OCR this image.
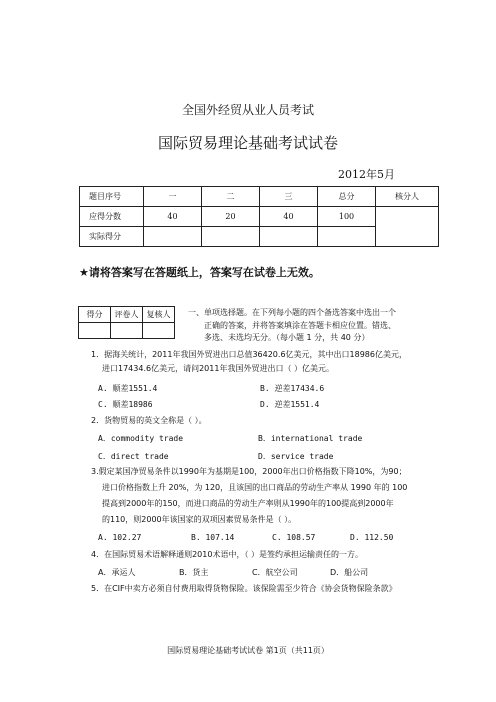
全国外经贸从业人员考试
国际贸易理论基础考试试卷
2012年5月
题目序号	一	二	三	总分	核分人
应得分数	40	20	40	100	
实际得分					
★请将答案写在答题纸上，答案写在试卷上无效。
得分	评卷人	复核人
		一、单项选择题。在下列每小题的四个备选答案中选出一个
正确的答案，并将答案填涂在答题卡相应位置。错选、
多选、未选均无分。（每小题 1 分，共 40 分）
1．据海关统计，2011年我国外贸进出口总值36420.6亿美元，其中出口18986亿美元，
进口17434.6亿美元，请问2011年我国外贸进出口（ ）亿美元。
A. 顺差1551.4	B. 逆差17434.6
C. 顺差18986	D. 逆差1551.4
2．货物贸易的英文全称是（ ）。
A．commodity trade	B．international trade
C．direct trade	D．service trade
3.假定某国净贸易条件以1990年为基期是100，2000年出口价格指数下降10%，为90；
进口价格指数上升 20%，为 120，且该国的出口商品的劳动生产率从 1990 年的 100
提高到2000年的150，而进口商品的劳动生产率则从1990年的100提高到2000年
的110，则2000年该国家的双项因素贸易条件是（ ）。
A. 102.27	B. 107.14	C. 108.57	D. 112.50
4．在国际贸易术语解释通则2010术语中，（ ）是签约承担运输责任的一方。
A．承运人	B．货主	C．航空公司	D．船公司
5．在CIF中卖方必须自付费用取得货物保险。该保险需至少符合《协会货物保险条款》
国际贸易理论基础考试试卷 第1页（共11页）
